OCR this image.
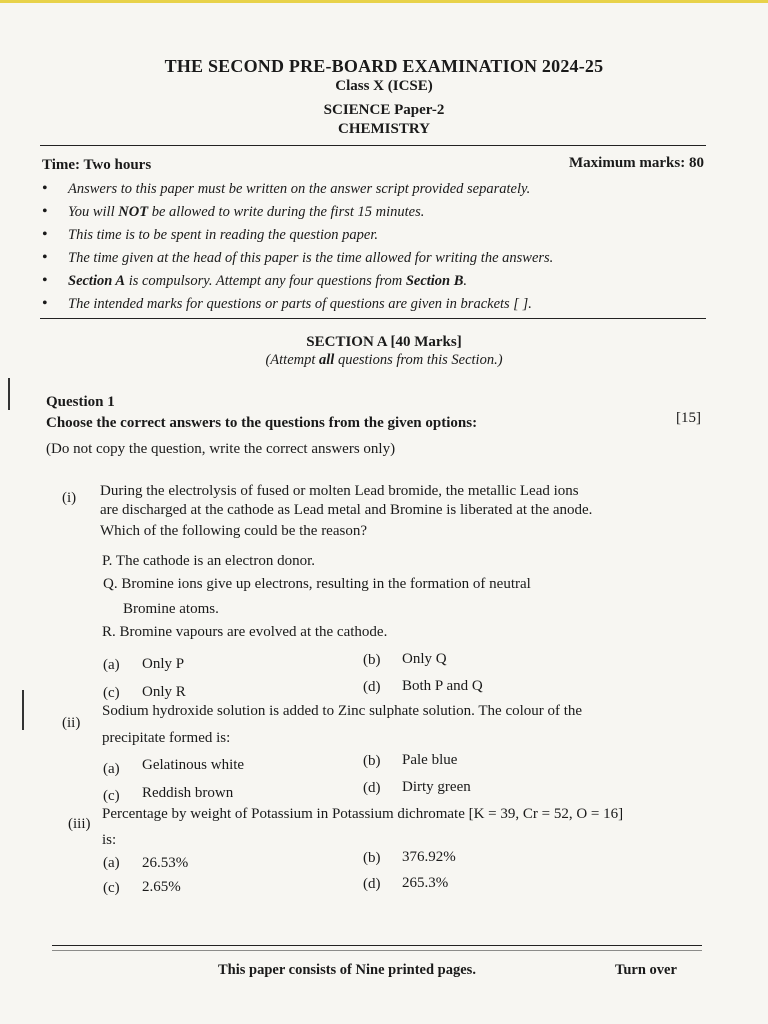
THE SECOND PRE-BOARD EXAMINATION 2024-25
Class X (ICSE)
SCIENCE Paper-2
CHEMISTRY
Time: Two hours	Maximum marks: 80
• Answers to this paper must be written on the answer script provided separately.
• You will NOT be allowed to write during the first 15 minutes.
• This time is to be spent in reading the question paper.
• The time given at the head of this paper is the time allowed for writing the answers.
• Section A is compulsory. Attempt any four questions from Section B.
• The intended marks for questions or parts of questions are given in brackets [ ].
SECTION A [40 Marks]
(Attempt all questions from this Section.)
Question 1
Choose the correct answers to the questions from the given options:	[15]
(Do not copy the question, write the correct answers only)
(i) During the electrolysis of fused or molten Lead bromide, the metallic Lead ions
are discharged at the cathode as Lead metal and Bromine is liberated at the anode.
Which of the following could be the reason?
P. The cathode is an electron donor.
Q. Bromine ions give up electrons, resulting in the formation of neutral
Bromine atoms.
R. Bromine vapours are evolved at the cathode.
(a) Only P	(b) Only Q
(c) Only R	(d) Both P and Q
(ii)
Sodium hydroxide solution is added to Zinc sulphate solution. The colour of the
precipitate formed is:
(a) Gelatinous white	(b) Pale blue
(c) Reddish brown	(d) Dirty green
(iii)
Percentage by weight of Potassium in Potassium dichromate [K = 39, Cr = 52, O = 16]
is:
(a) 26.53%	(b) 376.92%
(c) 2.65%	(d) 265.3%
This paper consists of Nine printed pages.	Turn over
